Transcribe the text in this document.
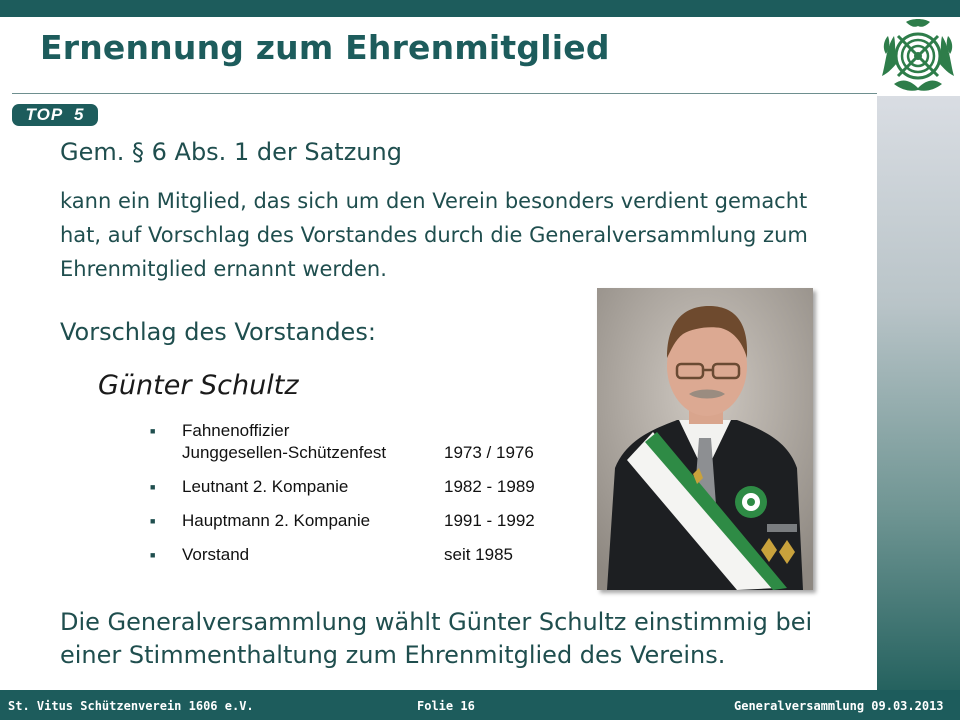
Ernennung zum Ehrenmitglied
TOP  5
Gem. § 6 Abs. 1 der Satzung
kann ein Mitglied, das sich um den Verein besonders verdient gemacht hat, auf Vorschlag des Vorstandes durch die Generalversammlung zum Ehrenmitglied ernannt werden.
Vorschlag des Vorstandes:
Günter Schultz
■	Fahnenoffizier
Junggesellen-Schützenfest	1973 / 1976
■	Leutnant 2. Kompanie	1982 - 1989
■	Hauptmann 2. Kompanie	1991 - 1992
■	Vorstand	seit 1985
Die Generalversammlung wählt Günter Schultz einstimmig bei einer Stimmenthaltung zum Ehrenmitglied des Vereins.
St. Vitus Schützenverein 1606 e.V.	Folie 16	Generalversammlung 09.03.2013
